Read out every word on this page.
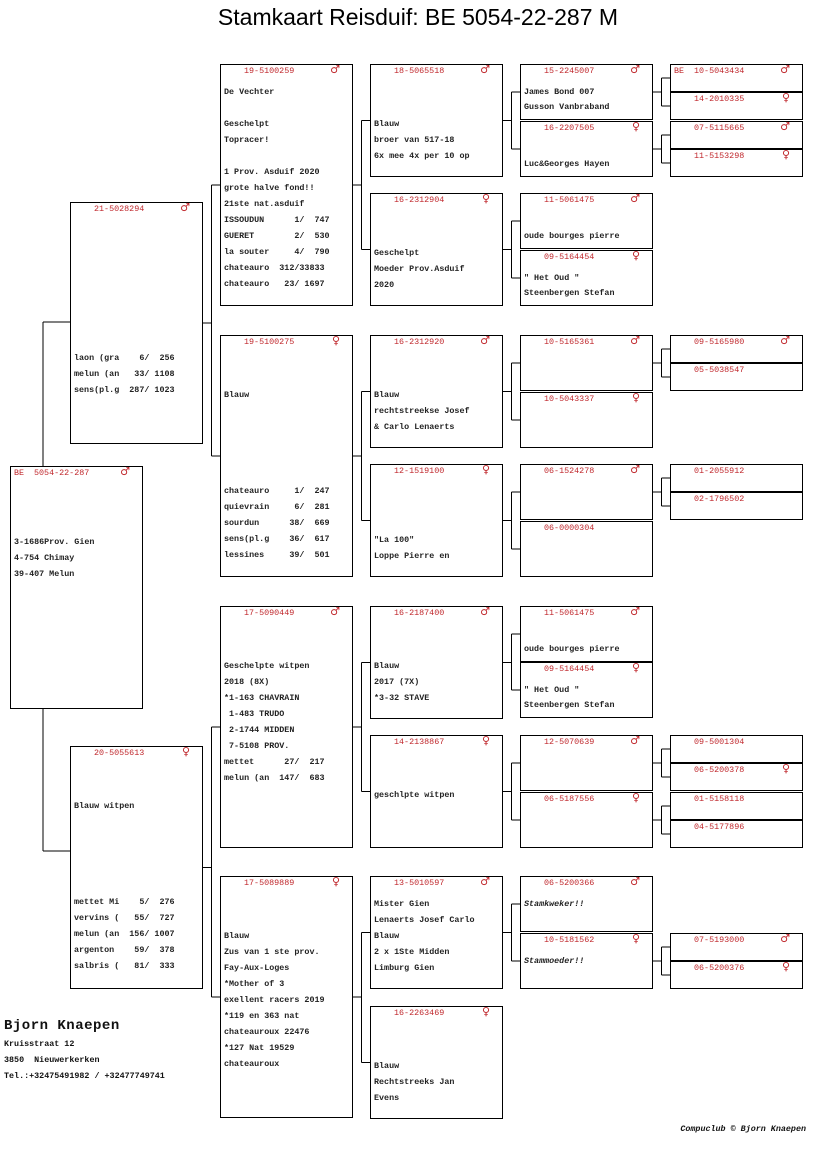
Stamkaart Reisduif: BE 5054-22-287 M
BE 5054-22-287	♂
3-1686Prov. Gien
4-754 Chimay
39-407 Melun
21-5028294	♂
laon (gra    6/  256
melun (an   33/ 1108
sens(pl.g  287/ 1023
20-5055613	♀
Blauw witpen
mettet Mi    5/  276
vervins (   55/  727
melun (an  156/ 1007
argenton    59/  378
salbris (   81/  333
19-5100259	♂
De Vechter
Geschelpt
Topracer!
1 Prov. Asduif 2020
grote halve fond!!
21ste nat.asduif
ISSOUDUN      1/  747
GUERET        2/  530
la souter     4/  790
chateauro  312/33833
chateauro   23/ 1697
19-5100275	♀
Blauw
chateauro     1/  247
quievrain     6/  281
sourdun      38/  669
sens(pl.g    36/  617
lessines     39/  501
17-5090449	♂
Geschelpte witpen
2018 (8X)
*1-163 CHAVRAIN
1-483 TRUDO
2-1744 MIDDEN
7-5108 PROV.
mettet      27/  217
melun (an  147/  683
17-5089889	♀
Blauw
Zus van 1 ste prov.
Fay-Aux-Loges
*Mother of 3
exellent racers 2019
*119 en 363 nat
chateauroux 22476
*127 Nat 19529
chateauroux
18-5065518	♂
Blauw
broer van 517-18
6x mee 4x per 10 op
16-2312904	♀
Geschelpt
Moeder Prov.Asduif
2020
16-2312920	♂
Blauw
rechtstreekse Josef
& Carlo Lenaerts
12-1519100	♀
"La 100"
Loppe Pierre en
16-2187400	♂
Blauw
2017 (7X)
*3-32 STAVE
14-2138867	♀
geschlpte witpen
13-5010597	♂
Mister Gien
Lenaerts Josef Carlo
Blauw
2 x 1Ste Midden
Limburg Gien
16-2263469	♀
Blauw
Rechtstreeks Jan
Evens
15-2245007	♂
James Bond 007
Gusson Vanbraband
16-2207505	♀
Luc&Georges Hayen
11-5061475	♂
oude bourges pierre
09-5164454	♀
" Het Oud "
Steenbergen Stefan
10-5165361	♂
10-5043337	♀
06-1524278	♂
06-0000304
11-5061475	♂
oude bourges pierre
09-5164454	♀
" Het Oud "
Steenbergen Stefan
12-5070639	♂
06-5187556	♀
06-5200366	♂
Stamkweker!!
10-5181562	♀
Stammoeder!!
BE 10-5043434	♂
14-2010335	♀
07-5115665	♂
11-5153298	♀
09-5165980	♂
05-5038547
01-2055912
02-1796502
09-5001304
06-5200378	♀
01-5158118
04-5177896
07-5193000	♂
06-5200376	♀
Bjorn Knaepen
Kruisstraat 12
3850  Nieuwerkerken
Tel.:+32475491982 / +32477749741
Compuclub © Bjorn Knaepen
